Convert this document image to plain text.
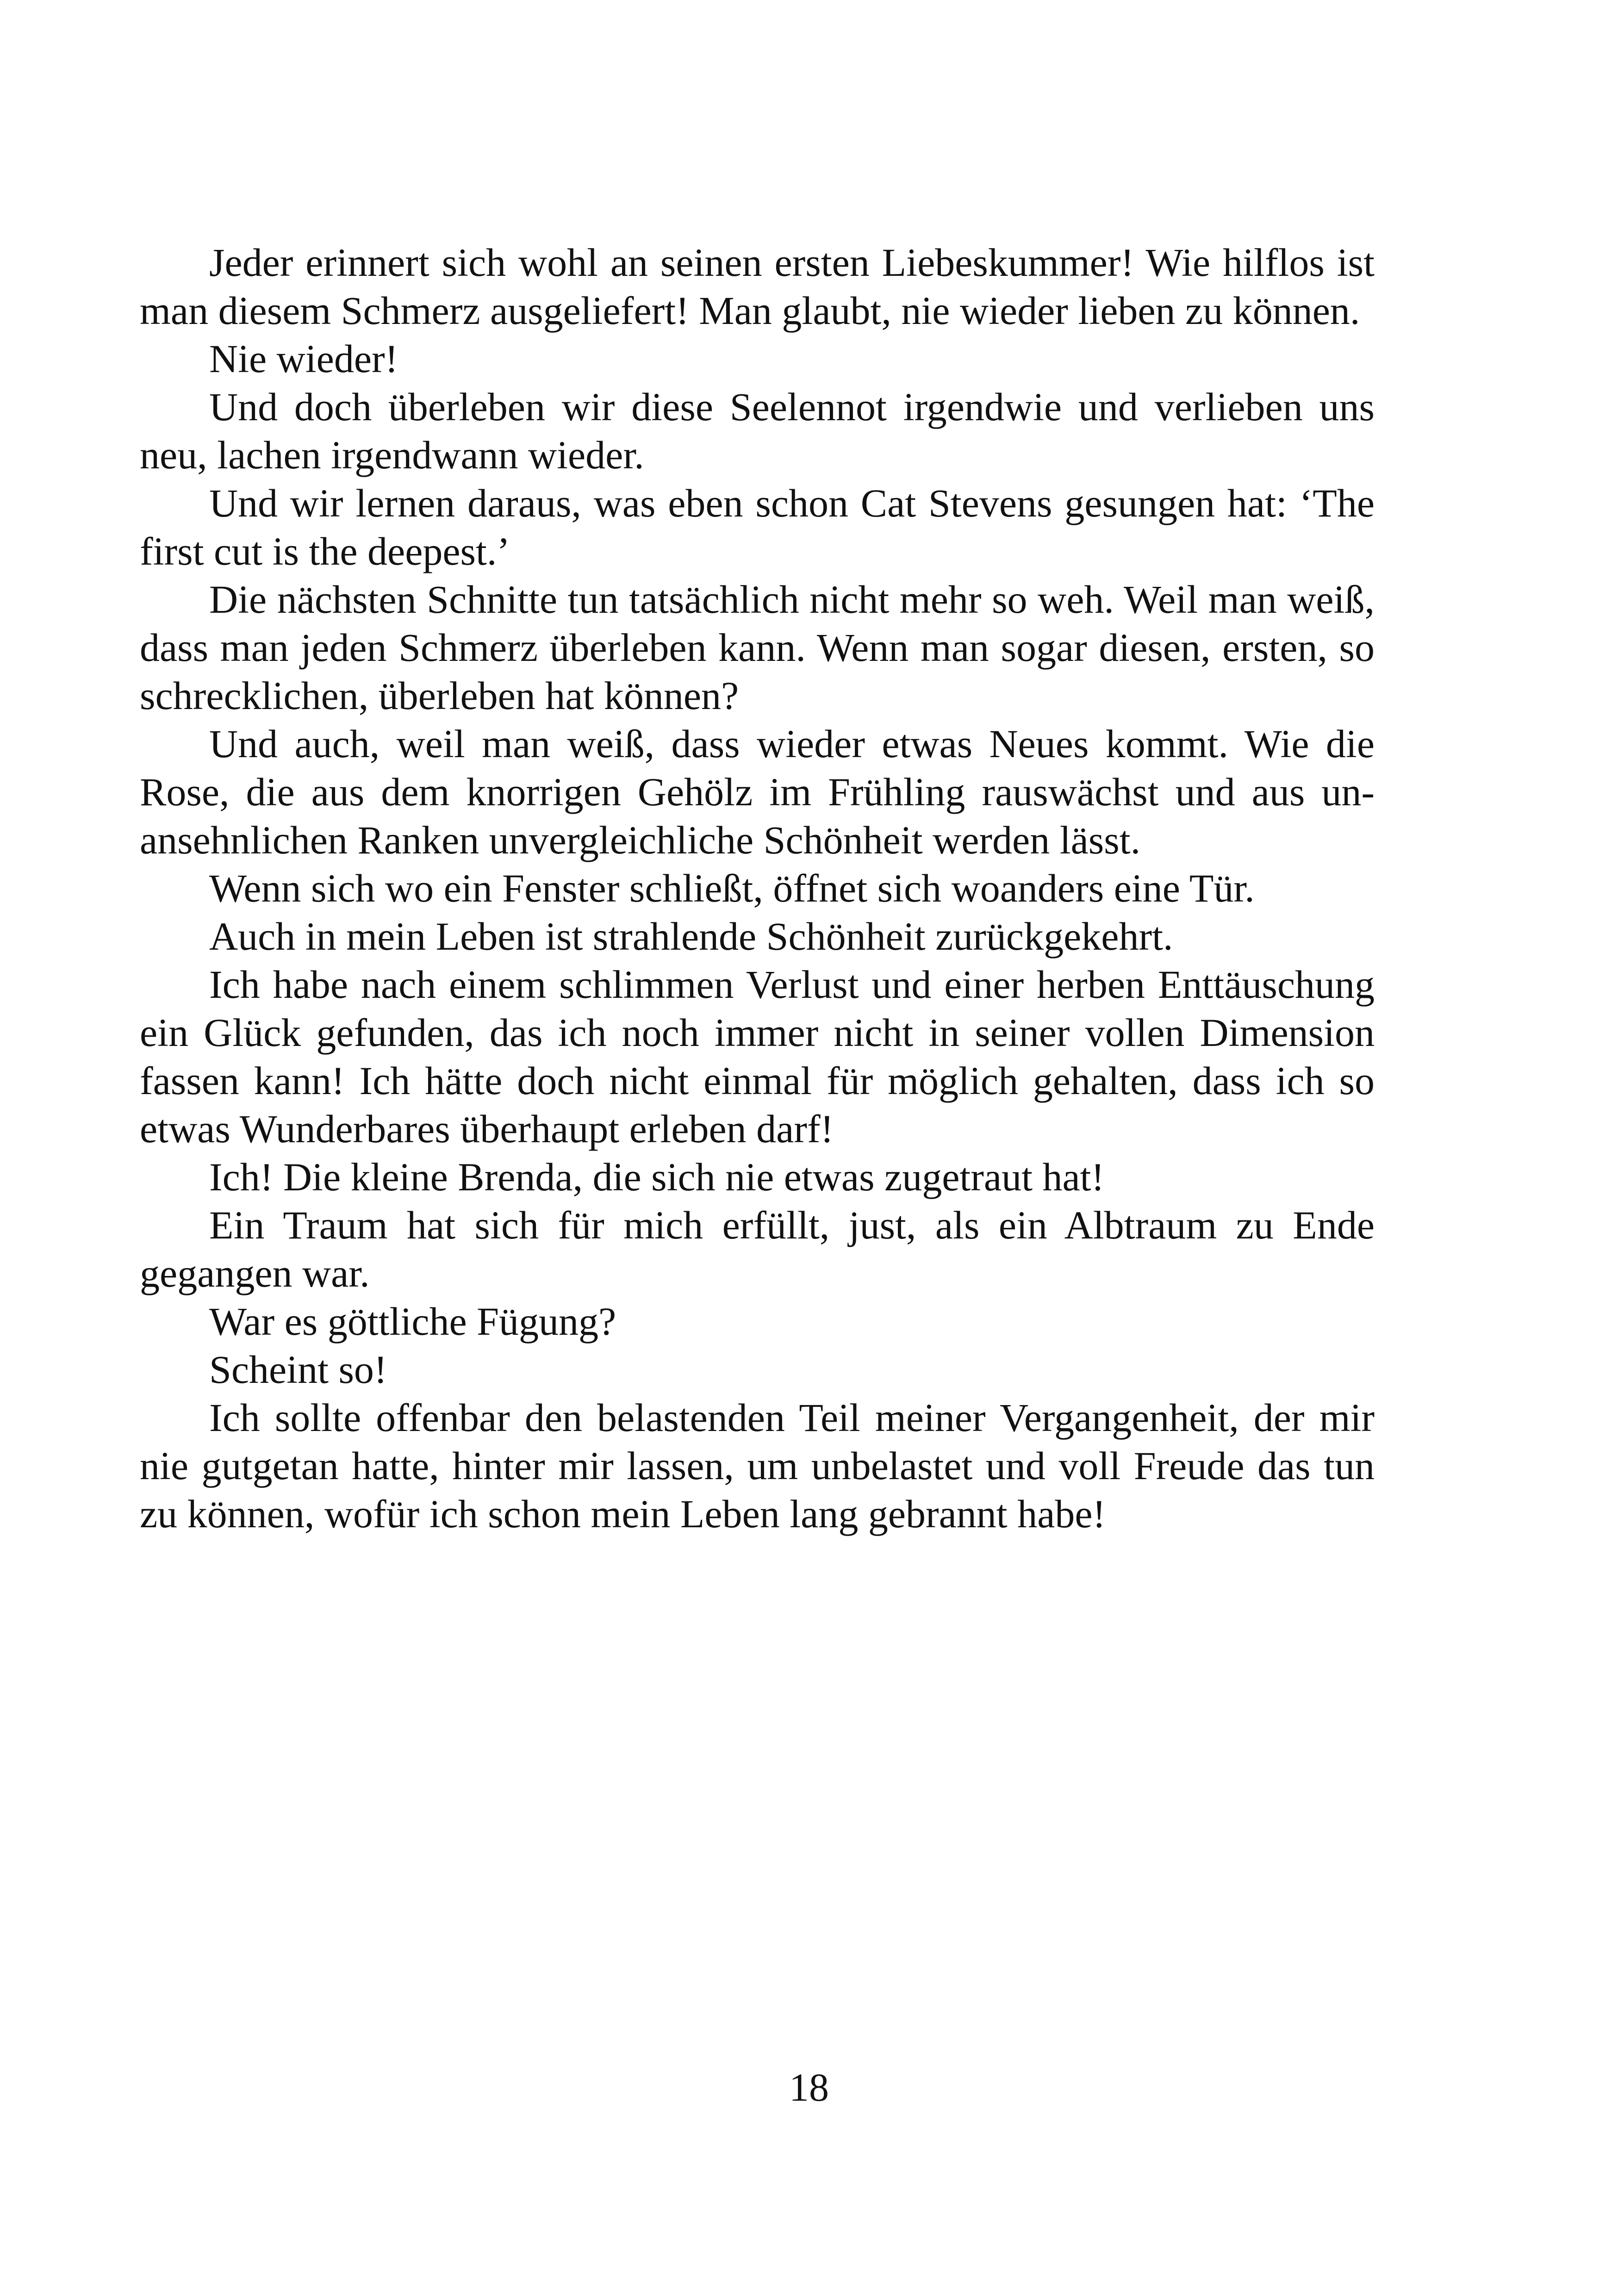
Jeder erinnert sich wohl an seinen ersten Liebeskummer! Wie hilflos ist man diesem Schmerz ausgeliefert! Man glaubt, nie wieder lieben zu können.

Nie wieder!

Und doch überleben wir diese Seelennot irgendwie und verlieben uns neu, lachen irgendwann wieder.

Und wir lernen daraus, was eben schon Cat Stevens gesungen hat: ‘The first cut is the deepest.’

Die nächsten Schnitte tun tatsächlich nicht mehr so weh. Weil man weiß, dass man jeden Schmerz überleben kann. Wenn man sogar diesen, ersten, so schrecklichen, überleben hat können?

Und auch, weil man weiß, dass wieder etwas Neues kommt. Wie die Rose, die aus dem knorrigen Gehölz im Frühling rauswächst und aus unansehnlichen Ranken unvergleichliche Schönheit werden lässt.

Wenn sich wo ein Fenster schließt, öffnet sich woanders eine Tür.

Auch in mein Leben ist strahlende Schönheit zurückgekehrt.

Ich habe nach einem schlimmen Verlust und einer herben Enttäuschung ein Glück gefunden, das ich noch immer nicht in seiner vollen Dimension fassen kann! Ich hätte doch nicht einmal für möglich gehalten, dass ich so etwas Wunderbares überhaupt erleben darf!

Ich! Die kleine Brenda, die sich nie etwas zugetraut hat!

Ein Traum hat sich für mich erfüllt, just, als ein Albtraum zu Ende gegangen war.

War es göttliche Fügung?

Scheint so!

Ich sollte offenbar den belastenden Teil meiner Vergangenheit, der mir nie gutgetan hatte, hinter mir lassen, um unbelastet und voll Freude das tun zu können, wofür ich schon mein Leben lang gebrannt habe!

18
